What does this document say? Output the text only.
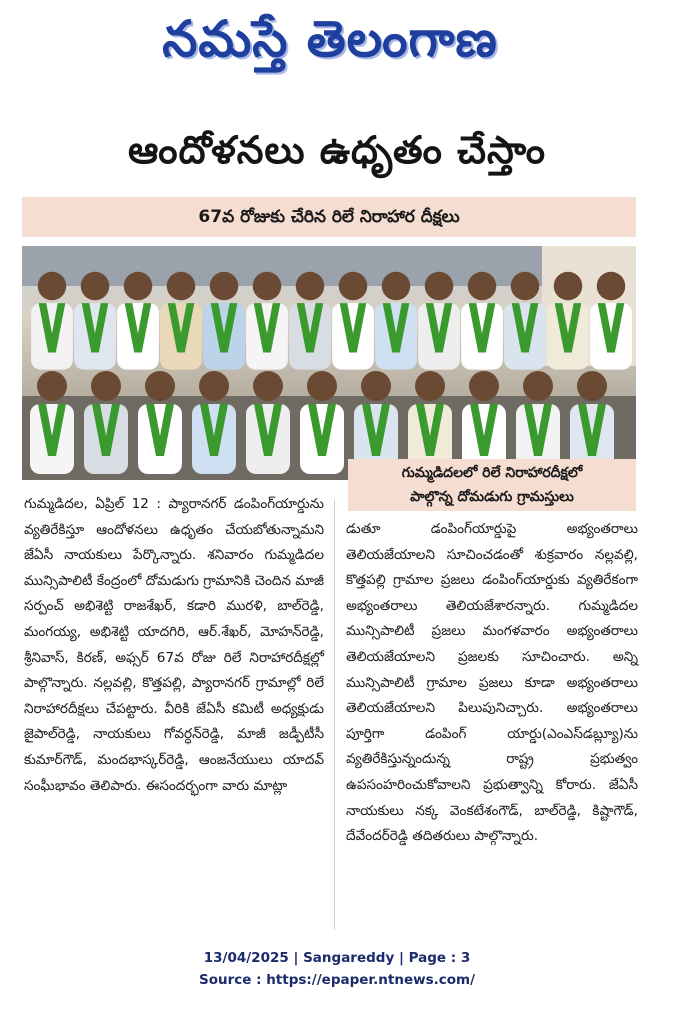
నమస్తే తెలంగాణ
ఆందోళనలు ఉధృతం చేస్తాం
67వ రోజుకు చేరిన రిలే నిరాహార దీక్షలు
గుమ్మడిదలలో రిలే నిరాహారదీక్షలో
పాల్గొన్న దోమడుగు గ్రామస్తులు
గుమ్మడిదల, ఏప్రిల్ 12 : ప్యారానగర్ డంపింగ్‌యార్డును వ్యతిరేకిస్తూ ఆందోళనలు ఉధృతం చేయబోతున్నామని జేఏసీ నాయకులు పేర్కొన్నారు. శనివారం గుమ్మడిదల మున్సిపాలిటీ కేంద్రంలో దోమడుగు గ్రామానికి చెందిన మాజీ సర్పంచ్ అభిశెట్టి రాజశేఖర్, కడారి మురళి, బాల్‌రెడ్డి, మంగయ్య, అభిశెట్టి యాదగిరి, ఆర్.శేఖర్, మోహన్‌రెడ్డి, శ్రీనివాస్, కిరణ్, అఫ్సర్ 67వ రోజు రిలే నిరాహారదీక్షల్లో పాల్గొన్నారు. నల్లవల్లి, కొత్తపల్లి, ప్యారానగర్ గ్రామాల్లో రిలే నిరాహారదీక్షలు చేపట్టారు. వీరికి జేఏసీ కమిటీ అధ్యక్షుడు జైపాల్‌రెడ్డి, నాయకులు గోవర్ధన్‌రెడ్డి, మాజీ జడ్పీటీసీ కుమార్‌గౌడ్, మందభాస్కర్‌రెడ్డి, ఆంజనేయులు యాదవ్ సంఘీభావం తెలిపారు. ఈసందర్భంగా వారు మాట్లా
డుతూ డంపింగ్‌యార్డుపై అభ్యంతరాలు తెలియజేయాలని సూచించడంతో శుక్రవారం నల్లవల్లి, కొత్తపల్లి గ్రామాల ప్రజలు డంపింగ్‌యార్డుకు వ్యతిరేకంగా అభ్యంతరాలు తెలియజేశారన్నారు. గుమ్మడిదల మున్సిపాలిటీ ప్రజలు మంగళవారం అభ్యంతరాలు తెలియజేయాలని ప్రజలకు సూచించారు. అన్ని మున్సిపాలిటీ గ్రామాల ప్రజలు కూడా అభ్యంతరాలు తెలియజేయాలని పిలుపునిచ్చారు. అభ్యంతరాలు పూర్తిగా డంపింగ్ యార్డు(ఎంఎస్‌డబ్ల్యూ)ను వ్యతిరేకిస్తున్నందున్న రాష్ట్ర ప్రభుత్వం ఉపసంహరించుకోవాలని ప్రభుత్వాన్ని కోరారు. జేఏసీ నాయకులు నక్క వెంకటేశంగౌడ్, బాల్‌రెడ్డి, కిష్టాగౌడ్, దేవేందర్‌రెడ్డి తదితరులు పాల్గొన్నారు.
13/04/2025 | Sangareddy | Page : 3
Source : https://epaper.ntnews.com/
